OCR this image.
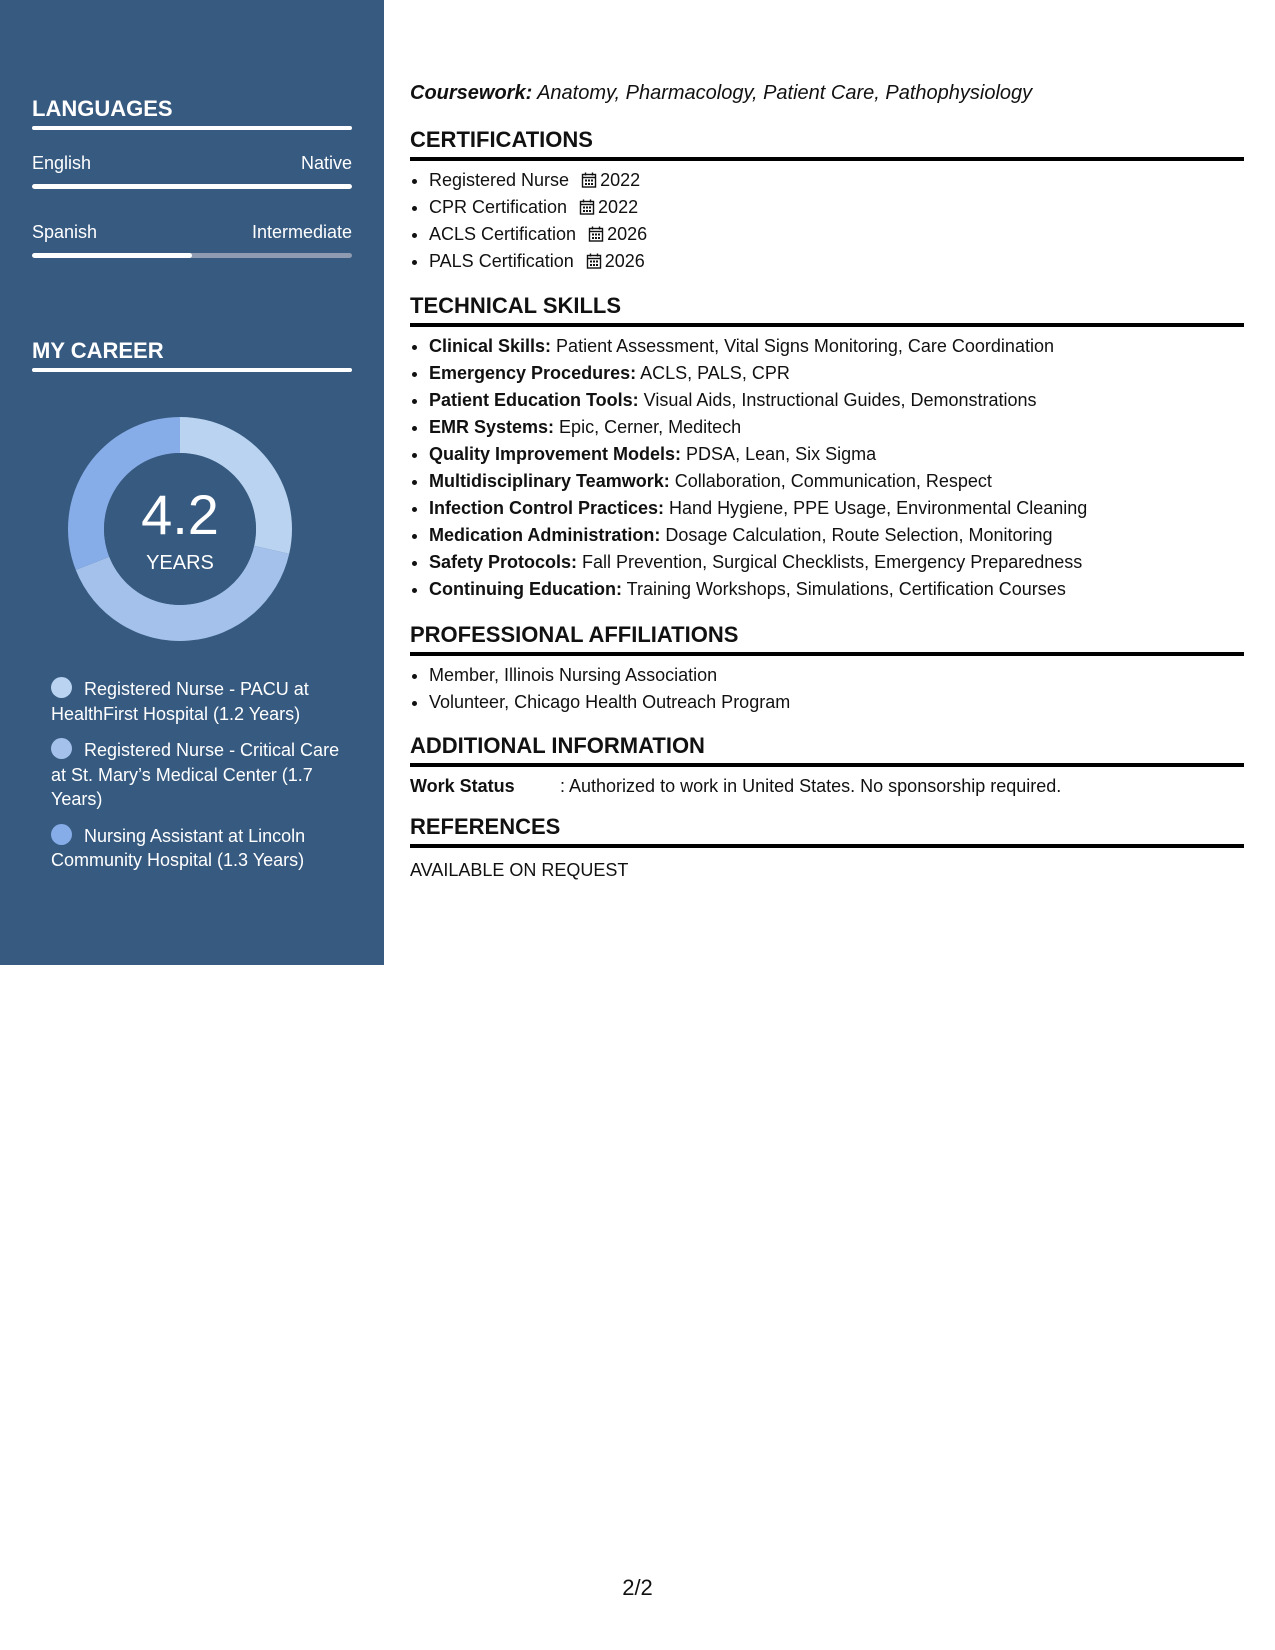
LANGUAGES
English	Native
Spanish	Intermediate
MY CAREER
4.2
YEARS
Registered Nurse - PACU at HealthFirst Hospital (1.2 Years)
Registered Nurse - Critical Care at St. Mary’s Medical Center (1.7 Years)
Nursing Assistant at Lincoln Community Hospital (1.3 Years)
Coursework: Anatomy, Pharmacology, Patient Care, Pathophysiology
CERTIFICATIONS
• Registered Nurse 2022
• CPR Certification 2022
• ACLS Certification 2026
• PALS Certification 2026
TECHNICAL SKILLS
• Clinical Skills: Patient Assessment, Vital Signs Monitoring, Care Coordination
• Emergency Procedures: ACLS, PALS, CPR
• Patient Education Tools: Visual Aids, Instructional Guides, Demonstrations
• EMR Systems: Epic, Cerner, Meditech
• Quality Improvement Models: PDSA, Lean, Six Sigma
• Multidisciplinary Teamwork: Collaboration, Communication, Respect
• Infection Control Practices: Hand Hygiene, PPE Usage, Environmental Cleaning
• Medication Administration: Dosage Calculation, Route Selection, Monitoring
• Safety Protocols: Fall Prevention, Surgical Checklists, Emergency Preparedness
• Continuing Education: Training Workshops, Simulations, Certification Courses
PROFESSIONAL AFFILIATIONS
• Member, Illinois Nursing Association
• Volunteer, Chicago Health Outreach Program
ADDITIONAL INFORMATION
Work Status	: Authorized to work in United States. No sponsorship required.
REFERENCES
AVAILABLE ON REQUEST
2/2
